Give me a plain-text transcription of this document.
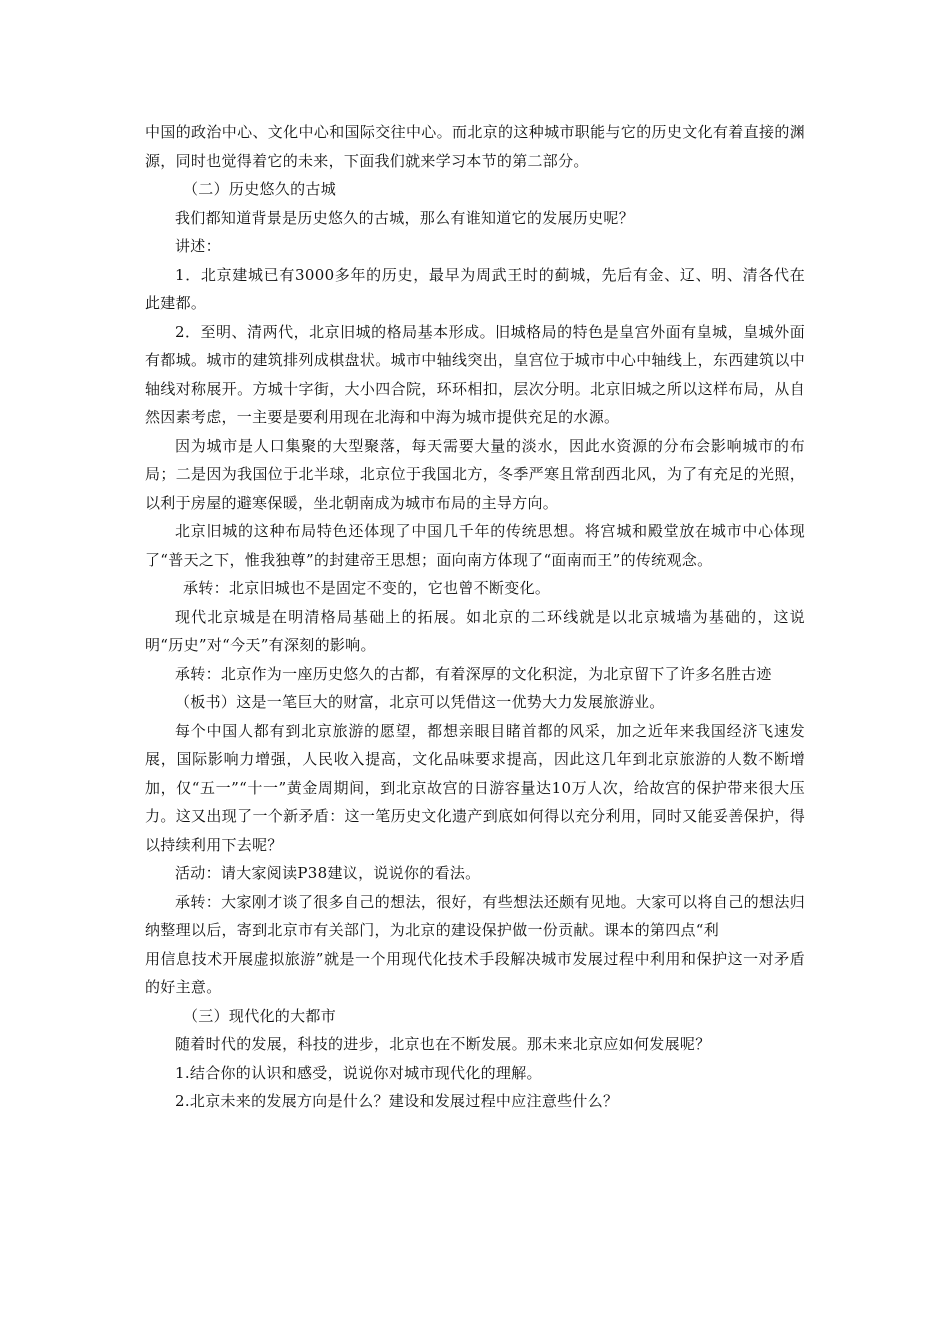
中国的政治中心、文化中心和国际交往中心。而北京的这种城市职能与它的历史文化有着直接的渊源，同时也觉得着它的未来，下面我们就来学习本节的第二部分。

（二）历史悠久的古城

我们都知道背景是历史悠久的古城，那么有谁知道它的发展历史呢？

讲述：

1．北京建城已有3000多年的历史，最早为周武王时的蓟城，先后有金、辽、明、清各代在此建都。

2．至明、清两代，北京旧城的格局基本形成。旧城格局的特色是皇宫外面有皇城，皇城外面有都城。城市的建筑排列成棋盘状。城市中轴线突出，皇宫位于城市中心中轴线上，东西建筑以中轴线对称展开。方城十字街，大小四合院，环环相扣，层次分明。北京旧城之所以这样布局，从自然因素考虑，一主要是要利用现在北海和中海为城市提供充足的水源。

因为城市是人口集聚的大型聚落，每天需要大量的淡水，因此水资源的分布会影响城市的布局；二是因为我国位于北半球，北京位于我国北方，冬季严寒且常刮西北风，为了有充足的光照，以利于房屋的避寒保暖，坐北朝南成为城市布局的主导方向。

北京旧城的这种布局特色还体现了中国几千年的传统思想。将宫城和殿堂放在城市中心体现了“普天之下，惟我独尊”的封建帝王思想；面向南方体现了“面南而王”的传统观念。

承转：北京旧城也不是固定不变的，它也曾不断变化。

现代北京城是在明清格局基础上的拓展。如北京的二环线就是以北京城墙为基础的，这说明“历史”对“今天”有深刻的影响。

承转：北京作为一座历史悠久的古都，有着深厚的文化积淀，为北京留下了许多名胜古迹

（板书）这是一笔巨大的财富，北京可以凭借这一优势大力发展旅游业。

每个中国人都有到北京旅游的愿望，都想亲眼目睹首都的风采，加之近年来我国经济飞速发展，国际影响力增强，人民收入提高，文化品味要求提高，因此这几年到北京旅游的人数不断增加，仅“五一”“十一”黄金周期间，到北京故宫的日游容量达10万人次，给故宫的保护带来很大压力。这又出现了一个新矛盾：这一笔历史文化遗产到底如何得以充分利用，同时又能妥善保护，得以持续利用下去呢？

活动：请大家阅读P38建议，说说你的看法。

承转：大家刚才谈了很多自己的想法，很好，有些想法还颇有见地。大家可以将自己的想法归纳整理以后，寄到北京市有关部门，为北京的建设保护做一份贡献。课本的第四点“利

用信息技术开展虚拟旅游”就是一个用现代化技术手段解决城市发展过程中利用和保护这一对矛盾的好主意。

（三）现代化的大都市

随着时代的发展，科技的进步，北京也在不断发展。那未来北京应如何发展呢？

1.结合你的认识和感受，说说你对城市现代化的理解。

2.北京未来的发展方向是什么？建设和发展过程中应注意些什么？
